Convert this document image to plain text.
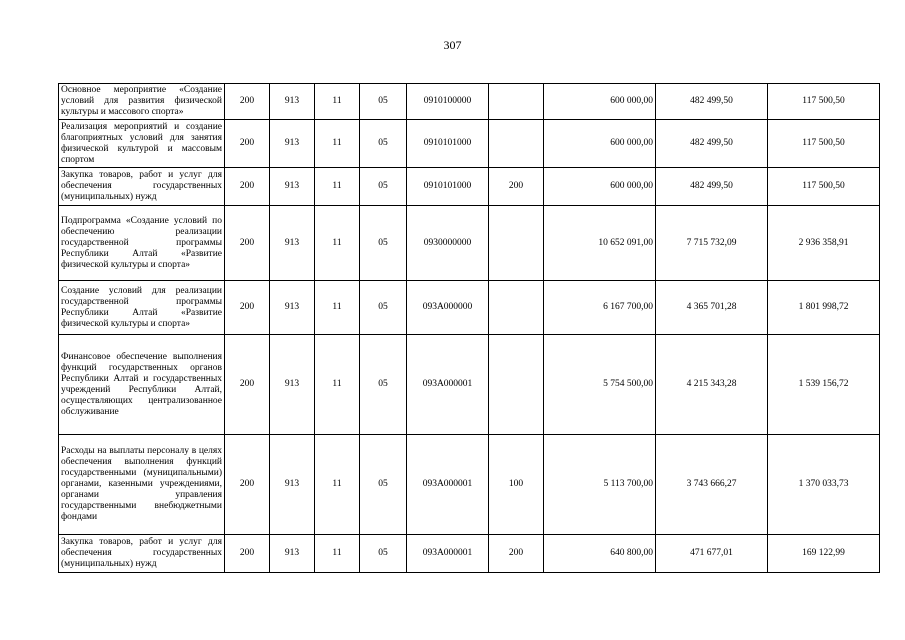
307
Основное мероприятие «Создание условий для развития физической культуры и массового спорта»	200	913	11	05	0910100000		600 000,00	482 499,50	117 500,50
Реализация мероприятий и создание благоприятных условий для занятия физической культурой и массовым спортом	200	913	11	05	0910101000		600 000,00	482 499,50	117 500,50
Закупка товаров, работ и услуг для обеспечения государственных (муниципальных) нужд	200	913	11	05	0910101000	200	600 000,00	482 499,50	117 500,50
Подпрограмма «Создание условий по обеспечению реализации государственной программы Республики Алтай «Развитие физической культуры и спорта»	200	913	11	05	0930000000		10 652 091,00	7 715 732,09	2 936 358,91
Создание условий для реализации государственной программы Республики Алтай «Развитие физической культуры и спорта»	200	913	11	05	093А000000		6 167 700,00	4 365 701,28	1 801 998,72
Финансовое обеспечение выполнения функций государственных органов Республики Алтай и государственных учреждений Республики Алтай, осуществляющих централизованное обслуживание	200	913	11	05	093А000001		5 754 500,00	4 215 343,28	1 539 156,72
Расходы на выплаты персоналу в целях обеспечения выполнения функций государственными (муниципальными) органами, казенными учреждениями, органами управления государственными внебюджетными фондами	200	913	11	05	093А000001	100	5 113 700,00	3 743 666,27	1 370 033,73
Закупка товаров, работ и услуг для обеспечения государственных (муниципальных) нужд	200	913	11	05	093А000001	200	640 800,00	471 677,01	169 122,99
